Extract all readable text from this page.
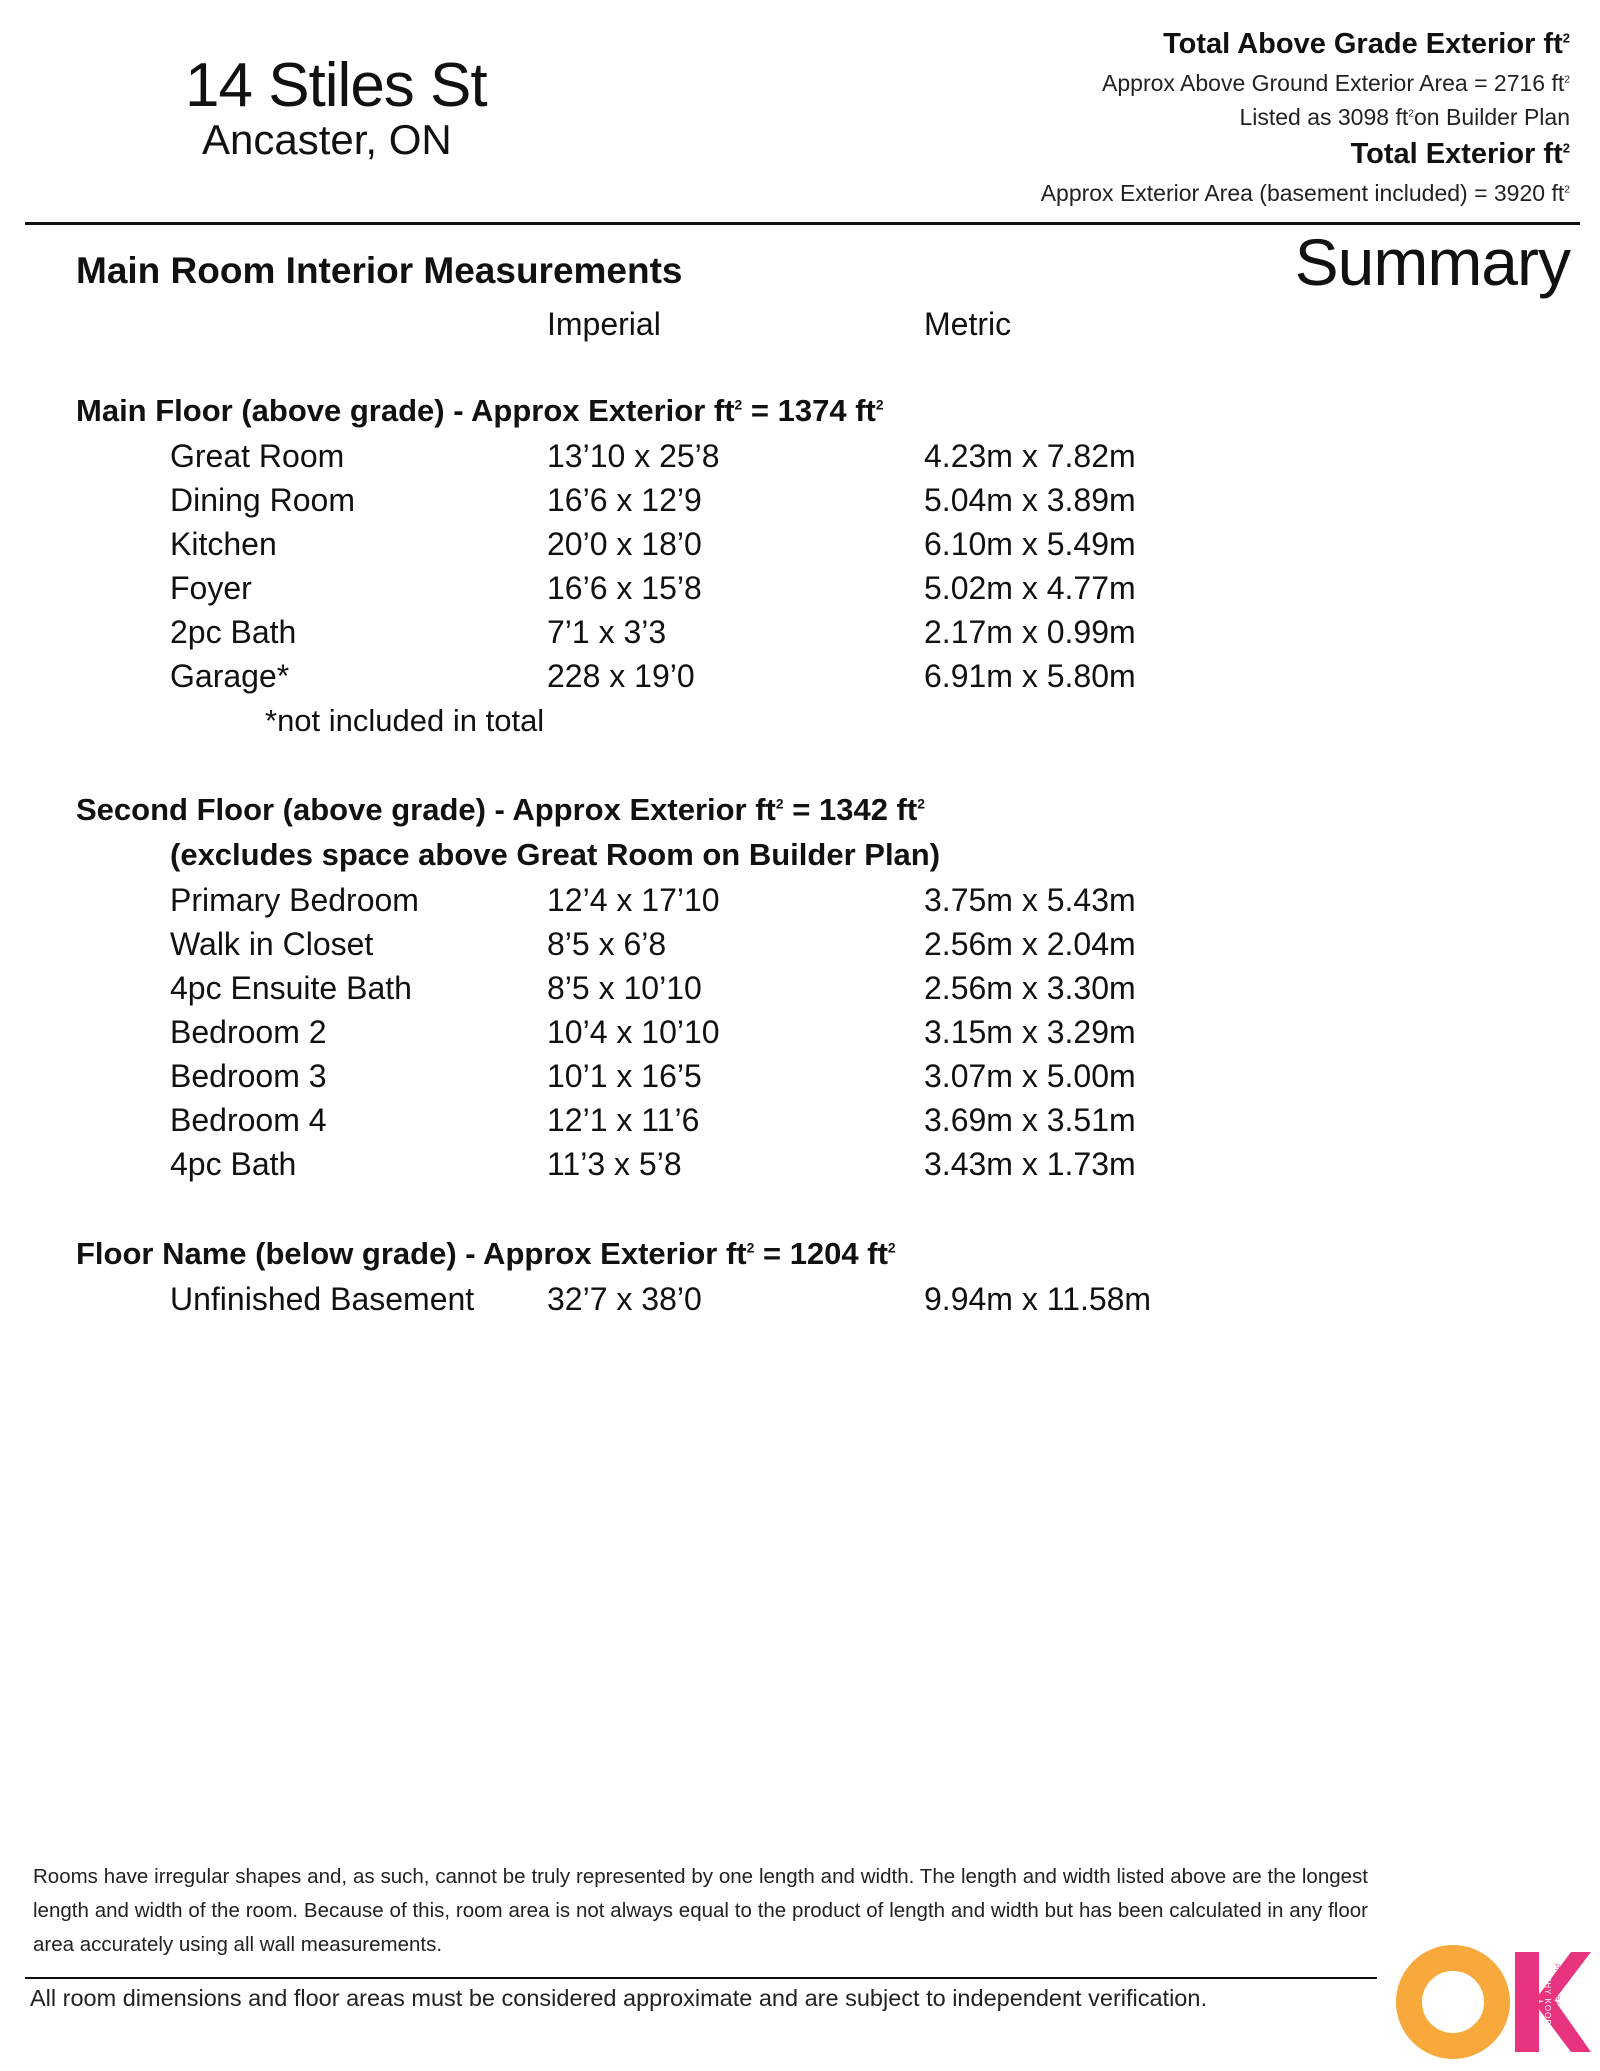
14 Stiles St
Ancaster, ON
Total Above Grade Exterior $ft^2$
Approx Above Ground Exterior Area = 2716 $ft^2$
Listed as 3098 $ft^2on$ Builder Plan
Total Exterior $ft^2$
Approx Exterior Area (basement included) = 3920 $ft^2$
Summary
Main Room Interior Measurements
Imperial	Metric
Main Floor (above grade) - Approx Exterior $ft^2 = 1374$ $ft^2$
Great Room	13’10 x 25’8	4.23m x 7.82m
Dining Room	16’6 x 12’9	5.04m x 3.89m
Kitchen	20’0 x 18’0	6.10m x 5.49m
Foyer	16’6 x 15’8	5.02m x 4.77m
2pc Bath	7’1 x 3’3	2.17m x 0.99m
Garage*	228 x 19’0	6.91m x 5.80m
*not included in total
Second Floor (above grade) - Approx Exterior $ft^2 = 1342$ $ft^2$
(excludes space above Great Room on Builder Plan)
Primary Bedroom	12’4 x 17’10	3.75m x 5.43m
Walk in Closet	8’5 x 6’8	2.56m x 2.04m
4pc Ensuite Bath	8’5 x 10’10	2.56m x 3.30m
Bedroom 2	10’4 x 10’10	3.15m x 3.29m
Bedroom 3	10’1 x 16’5	3.07m x 5.00m
Bedroom 4	12’1 x 11’6	3.69m x 3.51m
4pc Bath	11’3 x 5’8	3.43m x 1.73m
Floor Name (below grade) - Approx Exterior $ft^2 = 1204$ $ft^2$
Unfinished Basement 32’7 x 38’0	9.94m x 11.58m
Rooms have irregular shapes and, as such, cannot be truly represented by one length and width. The length and width listed above are the longest length and width of the room. Because of this, room area is not always equal to the product of length and width but has been calculated in any floor area accurately using all wall measurements.
All room dimensions and floor areas must be considered approximate and are subject to independent verification.	CATHY KOOP PHOTOGRAPHY
